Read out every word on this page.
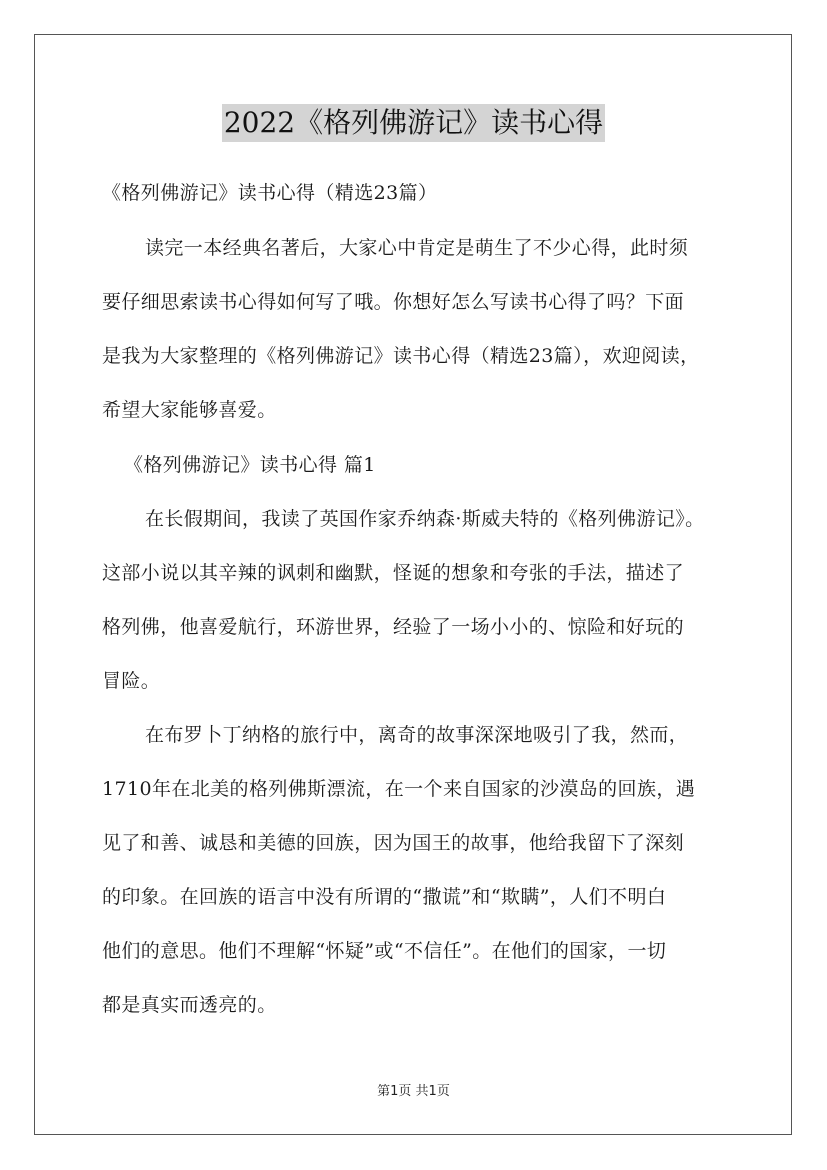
2022《格列佛游记》读书心得
《格列佛游记》读书心得（精选23篇）
读完一本经典名著后，大家心中肯定是萌生了不少心得，此时须
要仔细思索读书心得如何写了哦。你想好怎么写读书心得了吗？下面
是我为大家整理的《格列佛游记》读书心得（精选23篇），欢迎阅读，
希望大家能够喜爱。
《格列佛游记》读书心得 篇1
在长假期间，我读了英国作家乔纳森·斯威夫特的《格列佛游记》。
这部小说以其辛辣的讽刺和幽默，怪诞的想象和夸张的手法，描述了
格列佛，他喜爱航行，环游世界，经验了一场小小的、惊险和好玩的
冒险。
在布罗卜丁纳格的旅行中，离奇的故事深深地吸引了我，然而，
1710年在北美的格列佛斯漂流，在一个来自国家的沙漠岛的回族，遇
见了和善、诚恳和美德的回族，因为国王的故事，他给我留下了深刻
的印象。在回族的语言中没有所谓的“撒谎”和“欺瞒”，人们不明白
他们的意思。他们不理解“怀疑”或“不信任”。在他们的国家，一切
都是真实而透亮的。
第1页 共1页
